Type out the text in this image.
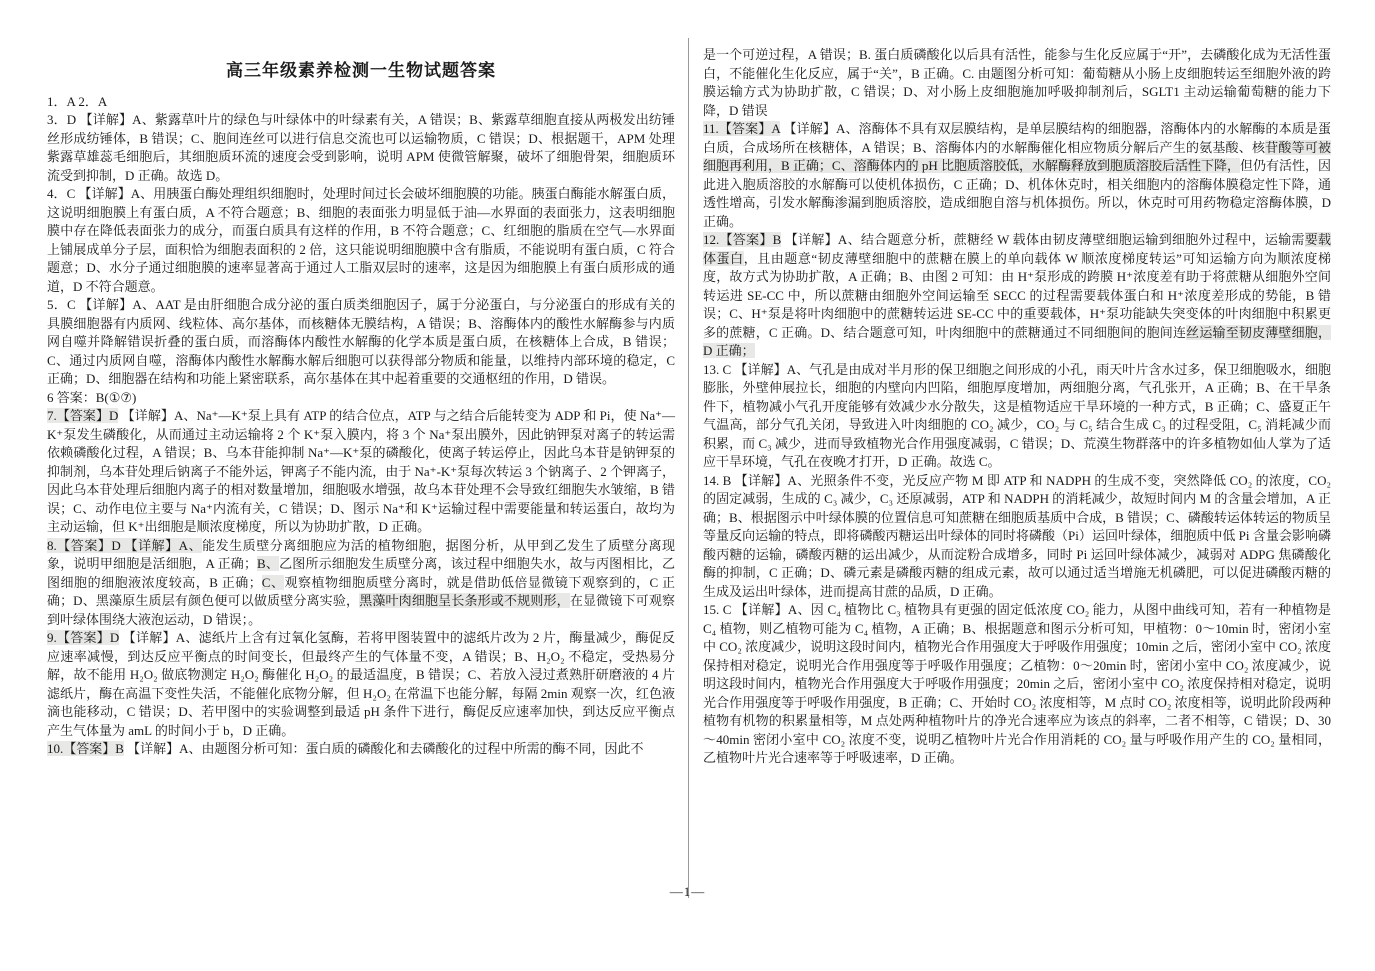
高三年级素养检测一生物试题答案

1．A 2．A

3．D 【详解】A、紫露草叶片的绿色与叶绿体中的叶绿素有关，A 错误；B、紫露草细胞直接从两极发出纺锤丝形成纺锤体，B 错误；C、胞间连丝可以进行信息交流也可以运输物质，C 错误；D、根据题干，APM 处理紫露草雄蕊毛细胞后，其细胞质环流的速度会受到影响，说明 APM 使微管解聚，破坏了细胞骨架，细胞质环流受到抑制，D 正确。故选 D。

4．C 【详解】A、用胰蛋白酶处理组织细胞时，处理时间过长会破坏细胞膜的功能。胰蛋白酶能水解蛋白质，这说明细胞膜上有蛋白质，A 不符合题意；B、细胞的表面张力明显低于油—水界面的表面张力，这表明细胞膜中存在降低表面张力的成分，而蛋白质具有这样的作用，B 不符合题意；C、红细胞的脂质在空气—水界面上铺展成单分子层，面积恰为细胞表面积的 2 倍，这只能说明细胞膜中含有脂质，不能说明有蛋白质，C 符合题意；D、水分子通过细胞膜的速率显著高于通过人工脂双层时的速率，这是因为细胞膜上有蛋白质形成的通道，D 不符合题意。

5．C 【详解】A、AAT 是由肝细胞合成分泌的蛋白质类细胞因子，属于分泌蛋白，与分泌蛋白的形成有关的具膜细胞器有内质网、线粒体、高尔基体，而核糖体无膜结构，A 错误；B、溶酶体内的酸性水解酶参与内质网自噬并降解错误折叠的蛋白质，而溶酶体内酸性水解酶的化学本质是蛋白质，在核糖体上合成，B 错误；C、通过内质网自噬，溶酶体内酸性水解酶水解后细胞可以获得部分物质和能量，以维持内部环境的稳定，C 正确；D、细胞器在结构和功能上紧密联系，高尔基体在其中起着重要的交通枢纽的作用，D 错误。

6 答案：B(①⑦)

7.【答案】D 【详解】A、Na⁺—K⁺泵上具有 ATP 的结合位点，ATP 与之结合后能转变为 ADP 和 Pi，使 Na⁺—K⁺泵发生磷酸化，从而通过主动运输将 2 个 K⁺泵入膜内，将 3 个 Na⁺泵出膜外，因此钠钾泵对离子的转运需依赖磷酸化过程，A 错误；B、乌本苷能抑制 Na⁺—K⁺泵的磷酸化，使离子转运停止，因此乌本苷是钠钾泵的抑制剂，乌本苷处理后钠离子不能外运，钾离子不能内流，由于 Na⁺-K⁺泵每次转运 3 个钠离子、2 个钾离子，因此乌本苷处理后细胞内离子的相对数量增加，细胞吸水增强，故乌本苷处理不会导致红细胞失水皱缩，B 错误；C、动作电位主要与 Na⁺内流有关，C 错误；D、图示 Na⁺和 K⁺运输过程中需要能量和转运蛋白，故均为主动运输，但 K⁺出细胞是顺浓度梯度，所以为协助扩散，D 正确。

8.【答案】D 【详解】A、能发生质壁分离细胞应为活的植物细胞，据图分析，从甲到乙发生了质壁分离现象，说明甲细胞是活细胞，A 正确；B、乙图所示细胞发生质壁分离，该过程中细胞失水，故与丙图相比，乙图细胞的细胞液浓度较高，B 正确；C、观察植物细胞质壁分离时，就是借助低倍显微镜下观察到的，C 正确；D、黑藻原生质层有颜色便可以做质壁分离实验，黑藻叶肉细胞呈长条形或不规则形，在显微镜下可观察到叶绿体围绕大液泡运动，D 错误；。

9.【答案】D 【详解】A、滤纸片上含有过氧化氢酶，若将甲图装置中的滤纸片改为 2 片，酶量减少，酶促反应速率减慢，到达反应平衡点的时间变长，但最终产生的气体量不变，A 错误；B、H₂O₂ 不稳定，受热易分解，故不能用 H₂O₂ 做底物测定 H₂O₂ 酶催化 H₂O₂ 的最适温度，B 错误；C、若放入浸过煮熟肝研磨液的 4 片滤纸片，酶在高温下变性失活，不能催化底物分解，但 H₂O₂ 在常温下也能分解，每隔 2min 观察一次，红色液滴也能移动，C 错误；D、若甲图中的实验调整到最适 pH 条件下进行，酶促反应速率加快，到达反应平衡点产生气体量为 amL 的时间小于 b，D 正确。

10.【答案】B 【详解】A、由题图分析可知：蛋白质的磷酸化和去磷酸化的过程中所需的酶不同，因此不

是一个可逆过程，A 错误；B. 蛋白质磷酸化以后具有活性，能参与生化反应属于“开”，去磷酸化成为无活性蛋白，不能催化生化反应，属于“关”，B 正确。C. 由题图分析可知：葡萄糖从小肠上皮细胞转运至细胞外液的跨膜运输方式为协助扩散，C 错误；D、对小肠上皮细胞施加呼吸抑制剂后，SGLT1 主动运输葡萄糖的能力下降，D 错误

11.【答案】A 【详解】A、溶酶体不具有双层膜结构，是单层膜结构的细胞器，溶酶体内的水解酶的本质是蛋白质，合成场所在核糖体，A 错误；B、溶酶体内的水解酶催化相应物质分解后产生的氨基酸、核苷酸等可被细胞再利用，B 正确；C、溶酶体内的 pH 比胞质溶胶低，水解酶释放到胞质溶胶后活性下降，但仍有活性，因此进入胞质溶胶的水解酶可以使机体损伤，C 正确；D、机体休克时，相关细胞内的溶酶体膜稳定性下降，通透性增高，引发水解酶渗漏到胞质溶胶，造成细胞自溶与机体损伤。所以，休克时可用药物稳定溶酶体膜，D 正确。

12.【答案】B 【详解】A、结合题意分析，蔗糖经 W 载体由韧皮薄壁细胞运输到细胞外过程中，运输需要载体蛋白，且由题意“韧皮薄壁细胞中的蔗糖在膜上的单向载体 W 顺浓度梯度转运”可知运输方向为顺浓度梯度，故方式为协助扩散，A 正确；B、由图 2 可知：由 H⁺泵形成的跨膜 H⁺浓度差有助于将蔗糖从细胞外空间转运进 SE-CC 中，所以蔗糖由细胞外空间运输至 SECC 的过程需要载体蛋白和 H⁺浓度差形成的势能，B 错误；C、H⁺泵是将叶肉细胞中的蔗糖转运进 SE-CC 中的重要载体，H⁺泵功能缺失突变体的叶肉细胞中积累更多的蔗糖，C 正确。D、结合题意可知，叶肉细胞中的蔗糖通过不同细胞间的胞间连丝运输至韧皮薄壁细胞，D 正确；

13. C 【详解】A、气孔是由成对半月形的保卫细胞之间形成的小孔，雨天叶片含水过多，保卫细胞吸水，细胞膨胀，外壁伸展拉长，细胞的内壁向内凹陷，细胞厚度增加，两细胞分离，气孔张开，A 正确；B、在干旱条件下，植物减小气孔开度能够有效减少水分散失，这是植物适应干旱环境的一种方式，B 正确；C、盛夏正午气温高，部分气孔关闭，导致进入叶肉细胞的 CO₂ 减少，CO₂ 与 C₅ 结合生成 C₃ 的过程受阻，C₅ 消耗减少而积累，而 C₃ 减少，进而导致植物光合作用强度减弱，C 错误；D、荒漠生物群落中的许多植物如仙人掌为了适应干旱环境，气孔在夜晚才打开，D 正确。故选 C。

14. B 【详解】A、光照条件不变，光反应产物 M 即 ATP 和 NADPH 的生成不变，突然降低 CO₂ 的浓度，CO₂ 的固定减弱，生成的 C₃ 减少，C₃ 还原减弱，ATP 和 NADPH 的消耗减少，故短时间内 M 的含量会增加，A 正确；B、根据图示中叶绿体膜的位置信息可知蔗糖在细胞质基质中合成，B 错误；C、磷酸转运体转运的物质呈等量反向运输的特点，即将磷酸丙糖运出叶绿体的同时将磷酸（Pi）运回叶绿体，细胞质中低 Pi 含量会影响磷酸丙糖的运输，磷酸丙糖的运出减少，从而淀粉合成增多，同时 Pi 运回叶绿体减少，减弱对 ADPG 焦磷酸化酶的抑制，C 正确；D、磷元素是磷酸丙糖的组成元素，故可以通过适当增施无机磷肥，可以促进磷酸丙糖的生成及运出叶绿体，进而提高甘蔗的品质，D 正确。

15. C 【详解】A、因 C₄ 植物比 C₃ 植物具有更强的固定低浓度 CO₂ 能力，从图中曲线可知，若有一种植物是 C₄ 植物，则乙植物可能为 C₄ 植物，A 正确；B、根据题意和图示分析可知，甲植物：0～10min 时，密闭小室中 CO₂ 浓度减少，说明这段时间内，植物光合作用强度大于呼吸作用强度；10min 之后，密闭小室中 CO₂ 浓度保持相对稳定，说明光合作用强度等于呼吸作用强度；乙植物：0～20min 时，密闭小室中 CO₂ 浓度减少，说明这段时间内，植物光合作用强度大于呼吸作用强度；20min 之后，密闭小室中 CO₂ 浓度保持相对稳定，说明光合作用强度等于呼吸作用强度，B 正确；C、开始时 CO₂ 浓度相等，M 点时 CO₂ 浓度相等，说明此阶段两种植物有机物的积累量相等，M 点处两种植物叶片的净光合速率应为该点的斜率，二者不相等，C 错误；D、30～40min 密闭小室中 CO₂ 浓度不变，说明乙植物叶片光合作用消耗的 CO₂ 量与呼吸作用产生的 CO₂ 量相同，乙植物叶片光合速率等于呼吸速率，D 正确。

—1—
